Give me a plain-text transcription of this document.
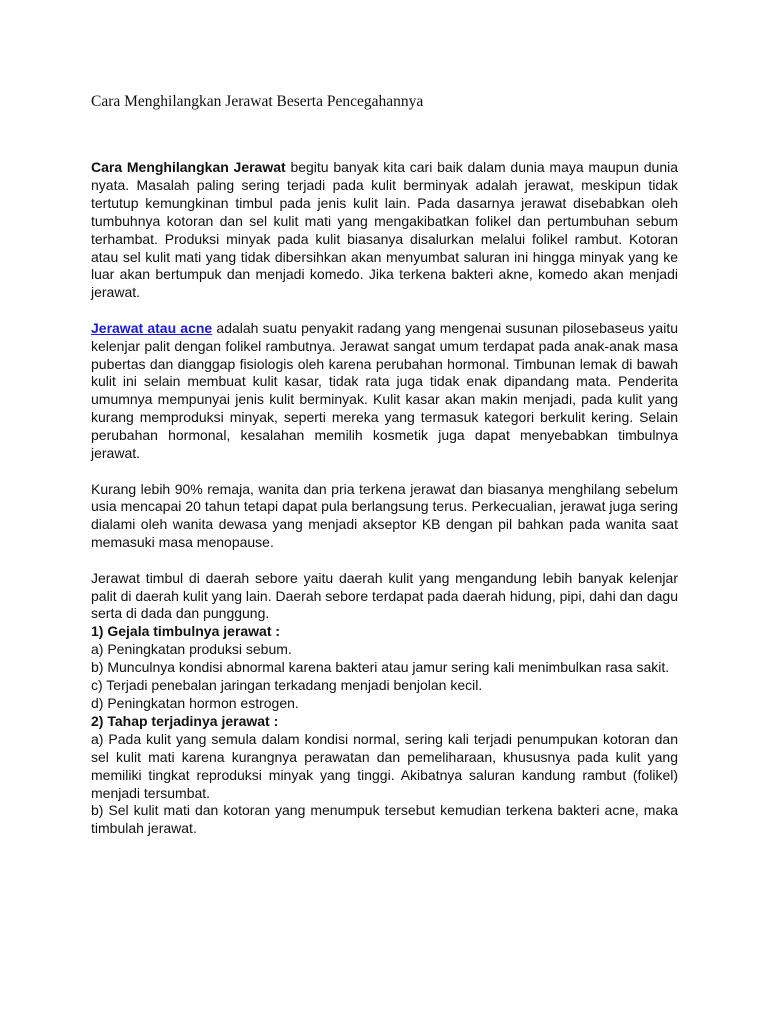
Cara Menghilangkan Jerawat Beserta Pencegahannya

Cara Menghilangkan Jerawat begitu banyak kita cari baik dalam dunia maya maupun dunia nyata. Masalah paling sering terjadi pada kulit berminyak adalah jerawat, meskipun tidak tertutup kemungkinan timbul pada jenis kulit lain. Pada dasarnya jerawat disebabkan oleh tumbuhnya kotoran dan sel kulit mati yang mengakibatkan folikel dan pertumbuhan sebum terhambat. Produksi minyak pada kulit biasanya disalurkan melalui folikel rambut. Kotoran atau sel kulit mati yang tidak dibersihkan akan menyumbat saluran ini hingga minyak yang ke luar akan bertumpuk dan menjadi komedo. Jika terkena bakteri akne, komedo akan menjadi jerawat.

Jerawat atau acne adalah suatu penyakit radang yang mengenai susunan pilosebaseus yaitu kelenjar palit dengan folikel rambutnya. Jerawat sangat umum terdapat pada anak-anak masa pubertas dan dianggap fisiologis oleh karena perubahan hormonal. Timbunan lemak di bawah kulit ini selain membuat kulit kasar, tidak rata juga tidak enak dipandang mata. Penderita umumnya mempunyai jenis kulit berminyak. Kulit kasar akan makin menjadi, pada kulit yang kurang memproduksi minyak, seperti mereka yang termasuk kategori berkulit kering. Selain perubahan hormonal, kesalahan memilih kosmetik juga dapat menyebabkan timbulnya jerawat.

Kurang lebih 90% remaja, wanita dan pria terkena jerawat dan biasanya menghilang sebelum usia mencapai 20 tahun tetapi dapat pula berlangsung terus. Perkecualian, jerawat juga sering dialami oleh wanita dewasa yang menjadi akseptor KB dengan pil bahkan pada wanita saat memasuki masa menopause.

Jerawat timbul di daerah sebore yaitu daerah kulit yang mengandung lebih banyak kelenjar palit di daerah kulit yang lain. Daerah sebore terdapat pada daerah hidung, pipi, dahi dan dagu serta di dada dan punggung.

1) Gejala timbulnya jerawat :
a) Peningkatan produksi sebum.
b) Munculnya kondisi abnormal karena bakteri atau jamur sering kali menimbulkan rasa sakit.
c) Terjadi penebalan jaringan terkadang menjadi benjolan kecil.
d) Peningkatan hormon estrogen.
2) Tahap terjadinya jerawat :
a) Pada kulit yang semula dalam kondisi normal, sering kali terjadi penumpukan kotoran dan sel kulit mati karena kurangnya perawatan dan pemeliharaan, khususnya pada kulit yang memiliki tingkat reproduksi minyak yang tinggi. Akibatnya saluran kandung rambut (folikel) menjadi tersumbat.
b) Sel kulit mati dan kotoran yang menumpuk tersebut kemudian terkena bakteri acne, maka timbulah jerawat.
